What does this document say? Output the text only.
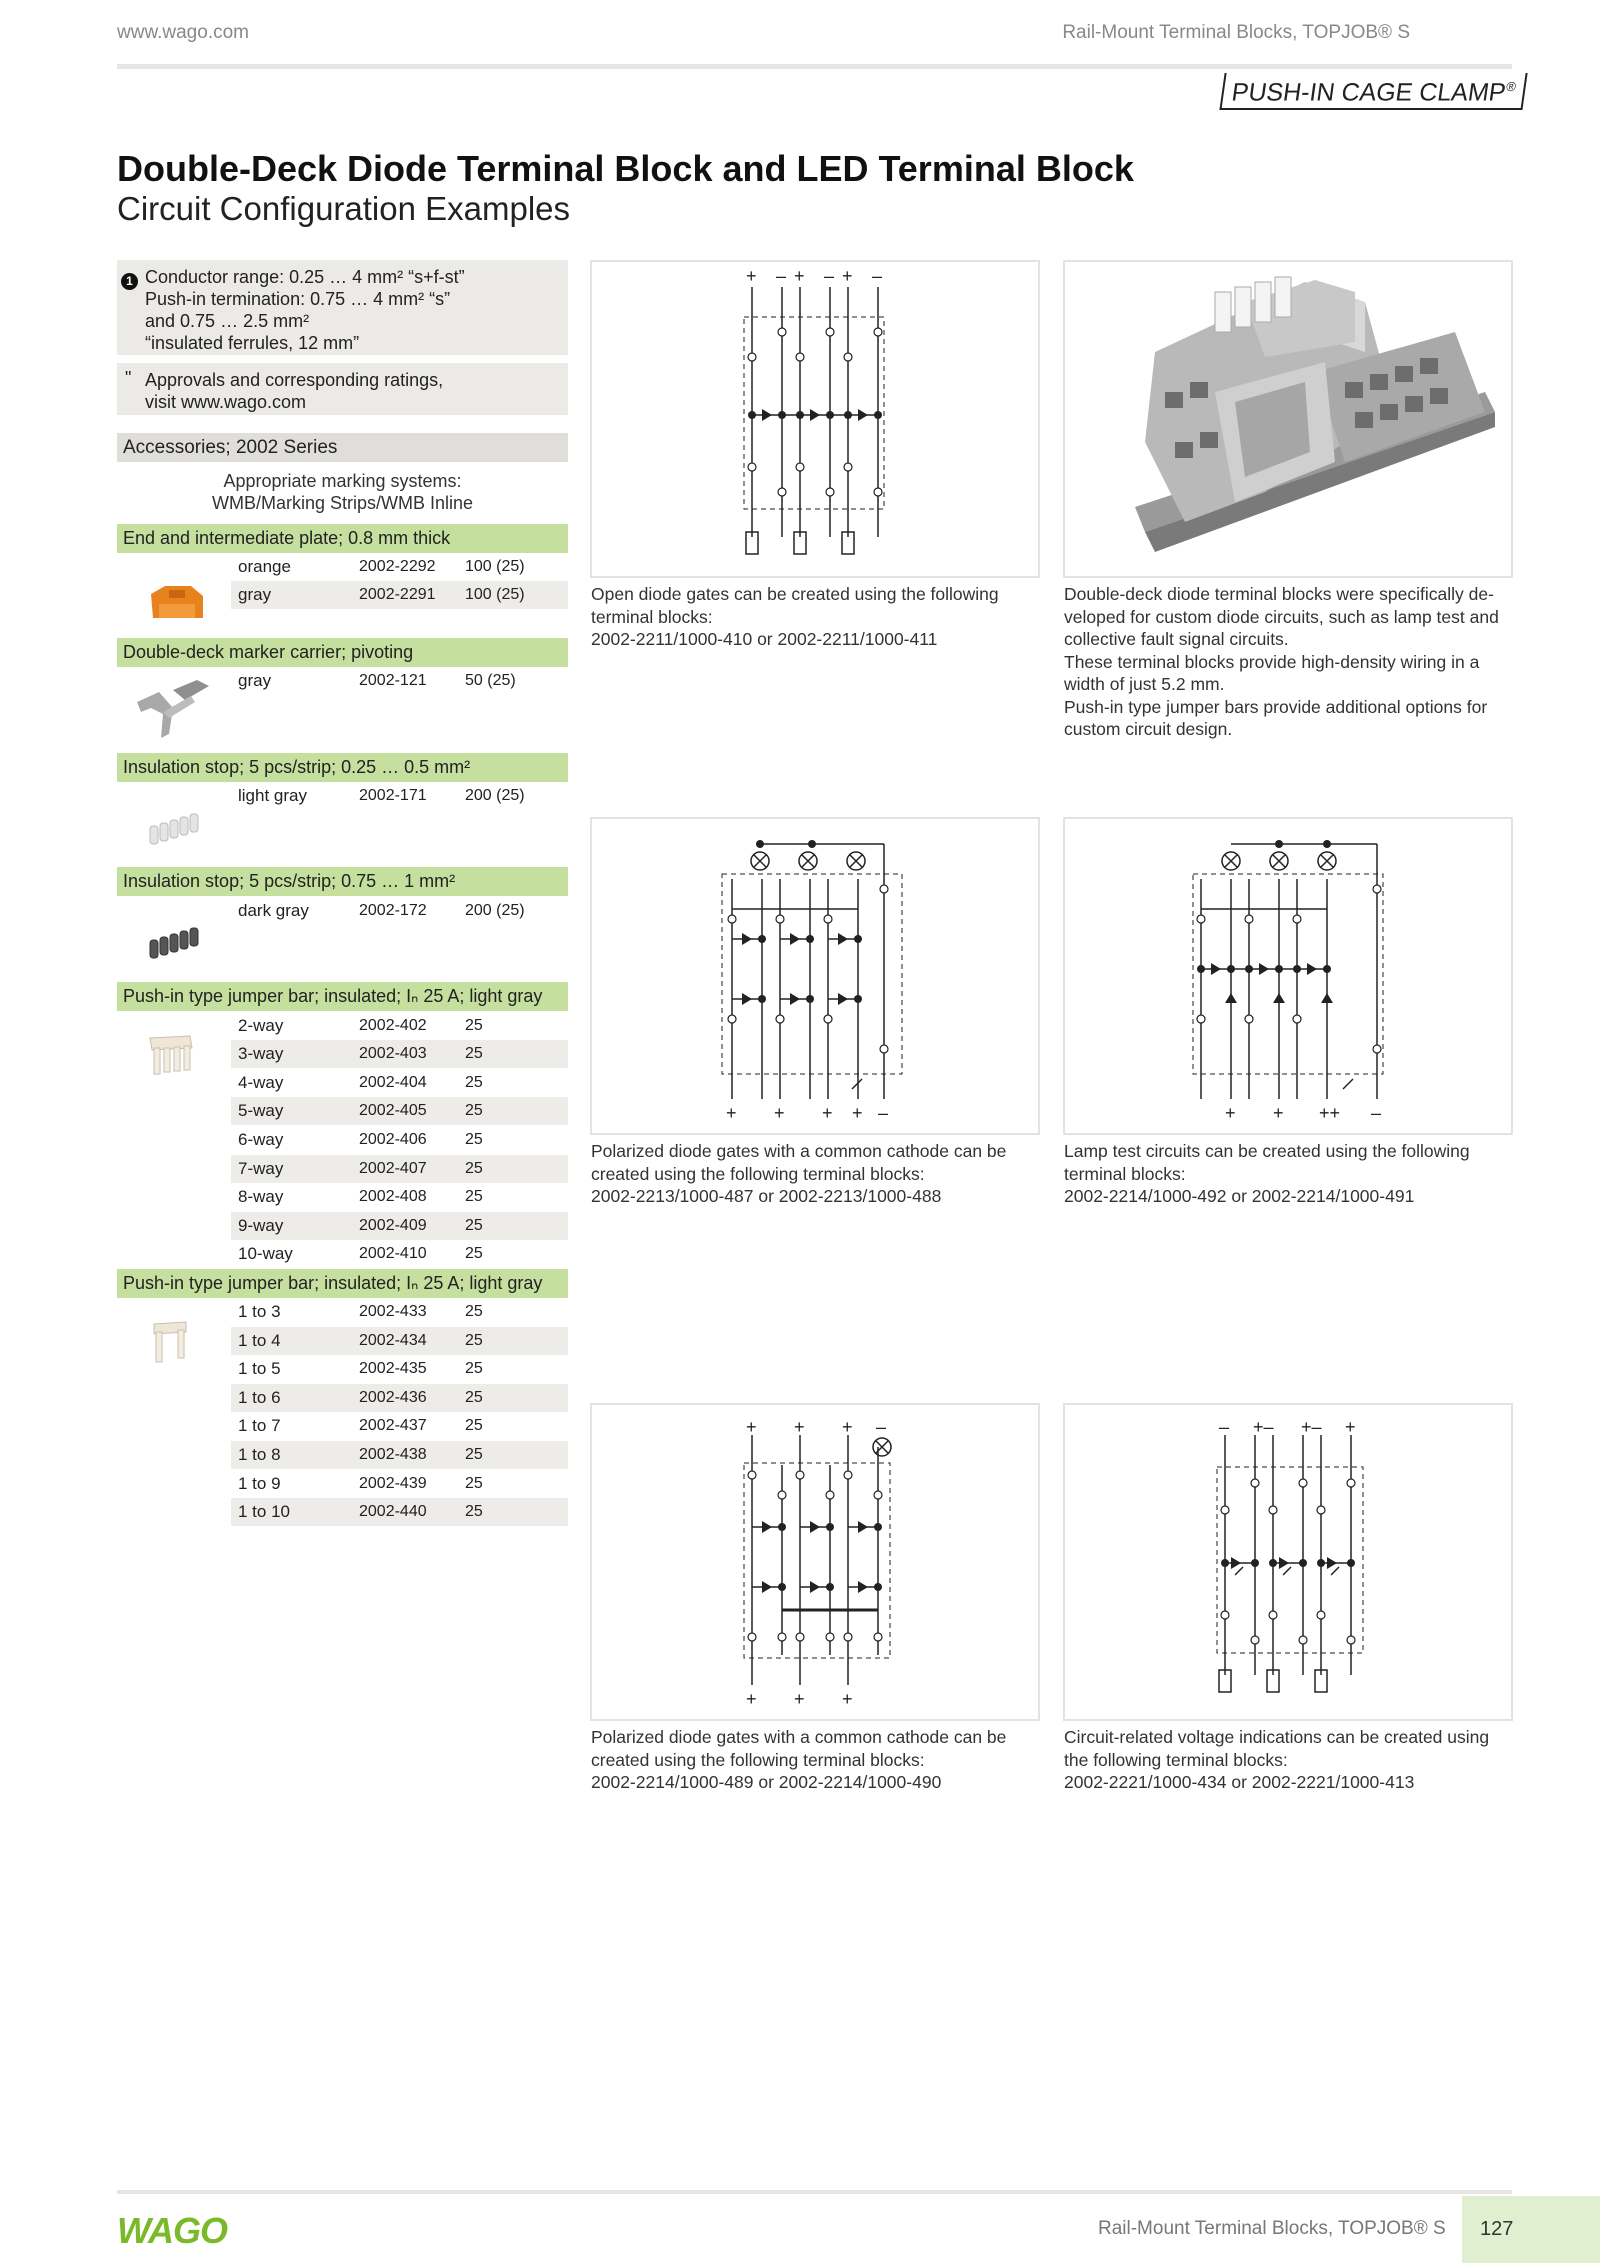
www.wago.com	Rail-Mount Terminal Blocks, TOPJOB® S
PUSH-IN CAGE CLAMP®
Double-Deck Diode Terminal Block and LED Terminal Block
Circuit Configuration Examples
1 Conductor range: 0.25 … 4 mm² “s+f-st”
Push-in termination: 0.75 … 4 mm² “s”
and 0.75 … 2.5 mm²
“insulated ferrules, 12 mm”
" Approvals and corresponding ratings,
visit www.wago.com
Accessories; 2002 Series
Appropriate marking systems:
WMB/Marking Strips/WMB Inline
End and intermediate plate; 0.8 mm thick
orange	2002-2292 100 (25)
gray	2002-2291 100 (25)
Double-deck marker carrier; pivoting
gray	2002-121 50 (25)
Insulation stop; 5 pcs/strip; 0.25 … 0.5 mm²
light gray	2002-171 200 (25)
Insulation stop; 5 pcs/strip; 0.75 … 1 mm²
dark gray	2002-172 200 (25)
Push-in type jumper bar; insulated; Iₙ 25 A; light gray
2-way	2002-402 25
3-way	2002-403 25
4-way	2002-404 25
5-way	2002-405 25
6-way	2002-406 25
7-way	2002-407 25
8-way	2002-408 25
9-way	2002-409 25
10-way	2002-410 25
Push-in type jumper bar; insulated; Iₙ 25 A; light gray
1 to 3	2002-433 25
1 to 4	2002-434 25
1 to 5	2002-435 25
1 to 6	2002-436 25
1 to 7	2002-437 25
1 to 8	2002-438 25
1 to 9	2002-439 25
1 to 10	2002-440 25
+ – + – + –
+ + + + –	+ + ++ –
+ + + –
+ + +
– +– +– +
Open diode gates can be created using the following
terminal blocks:
2002-2211/1000-410 or 2002-2211/1000-411
Double-deck diode terminal blocks were specifically de-
veloped for custom diode circuits, such as lamp test and
collective fault signal circuits.
These terminal blocks provide high-density wiring in a
width of just 5.2 mm.
Push-in type jumper bars provide additional options for
custom circuit design.
Polarized diode gates with a common cathode can be
created using the following terminal blocks:
2002-2213/1000-487 or 2002-2213/1000-488
Lamp test circuits can be created using the following
terminal blocks:
2002-2214/1000-492 or 2002-2214/1000-491
Polarized diode gates with a common cathode can be
created using the following terminal blocks:
2002-2214/1000-489 or 2002-2214/1000-490
Circuit-related voltage indications can be created using
the following terminal blocks:
2002-2221/1000-434 or 2002-2221/1000-413
WAGO	Rail-Mount Terminal Blocks, TOPJOB® S 127
